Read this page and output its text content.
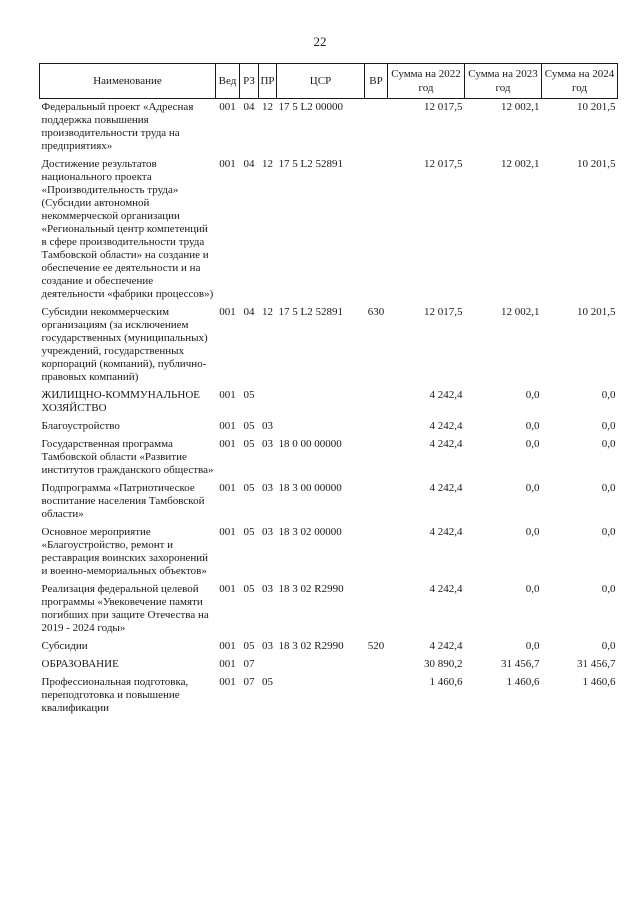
22
Наименование	Вед	РЗ	ПР	ЦСР	ВР	Сумма на 2022 год	Сумма на 2023 год	Сумма на 2024 год
Федеральный проект «Адресная поддержка повышения производительности труда на предприятиях»	001	04	12	17 5 L2 00000		12 017,5	12 002,1	10 201,5
Достижение результатов национального проекта «Производительность труда» (Субсидии автономной некоммерческой организации «Региональный центр компетенций в сфере производительности труда Тамбовской области» на создание и обеспечение ее деятельности и на создание и обеспечение деятельности «фабрики процессов»)	001	04	12	17 5 L2 52891		12 017,5	12 002,1	10 201,5
Субсидии некоммерческим организациям (за исключением государственных (муниципальных) учреждений, государственных корпораций (компаний), публично-правовых компаний)	001	04	12	17 5 L2 52891	630	12 017,5	12 002,1	10 201,5
ЖИЛИЩНО-КОММУНАЛЬНОЕ ХОЗЯЙСТВО	001	05				4 242,4	0,0	0,0
Благоустройство	001	05	03			4 242,4	0,0	0,0
Государственная программа Тамбовской области «Развитие институтов гражданского общества»	001	05	03	18 0 00 00000		4 242,4	0,0	0,0
Подпрограмма «Патриотическое воспитание населения Тамбовской области»	001	05	03	18 3 00 00000		4 242,4	0,0	0,0
Основное мероприятие «Благоустройство, ремонт и реставрация воинских захоронений и военно-мемориальных объектов»	001	05	03	18 3 02 00000		4 242,4	0,0	0,0
Реализация федеральной целевой программы «Увековечение памяти погибших при защите Отечества на 2019 - 2024 годы»	001	05	03	18 3 02 R2990		4 242,4	0,0	0,0
Субсидии	001	05	03	18 3 02 R2990	520	4 242,4	0,0	0,0
ОБРАЗОВАНИЕ	001	07				30 890,2	31 456,7	31 456,7
Профессиональная подготовка, переподготовка и повышение квалификации	001	07	05			1 460,6	1 460,6	1 460,6
